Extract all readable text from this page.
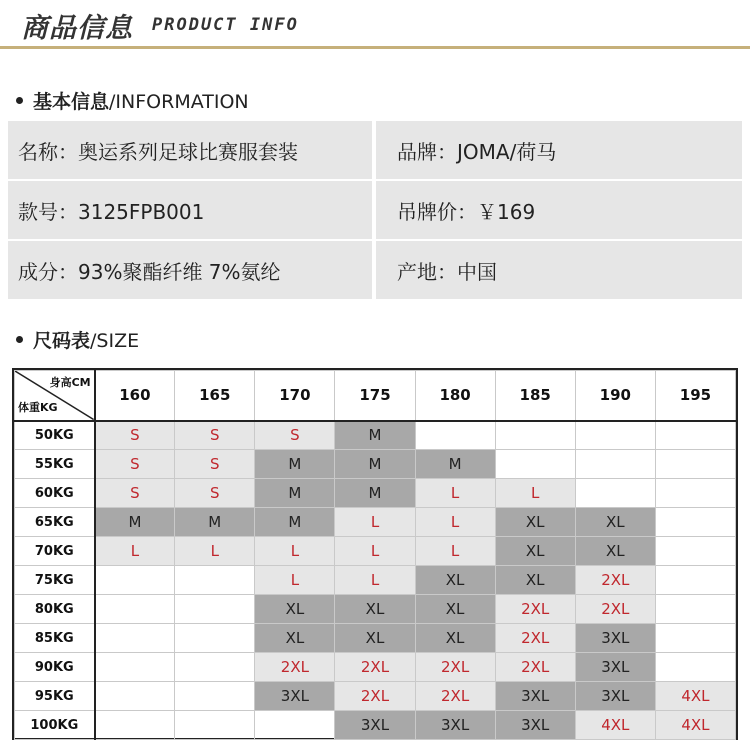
商品信息 PRODUCT INFO
基本信息/INFORMATION
名称：奥运系列足球比赛服套装	品牌：JOMA/荷马
款号：3125FPB001	吊牌价：￥169
成分：93%聚酯纤维 7%氨纶	产地：中国
尺码表/SIZE
身高CM
体重KG	160	165	170	175	180	185	190	195
50KG	S	S	S	M				
55KG	S	S	M	M	M			
60KG	S	S	M	M	L	L		
65KG	M	M	M	L	L	XL	XL	
70KG	L	L	L	L	L	XL	XL	
75KG			L	L	XL	XL	2XL	
80KG			XL	XL	XL	2XL	2XL	
85KG			XL	XL	XL	2XL	3XL	
90KG			2XL	2XL	2XL	2XL	3XL	
95KG			3XL	2XL	2XL	3XL	3XL	4XL
100KG				3XL	3XL	3XL	4XL	4XL
